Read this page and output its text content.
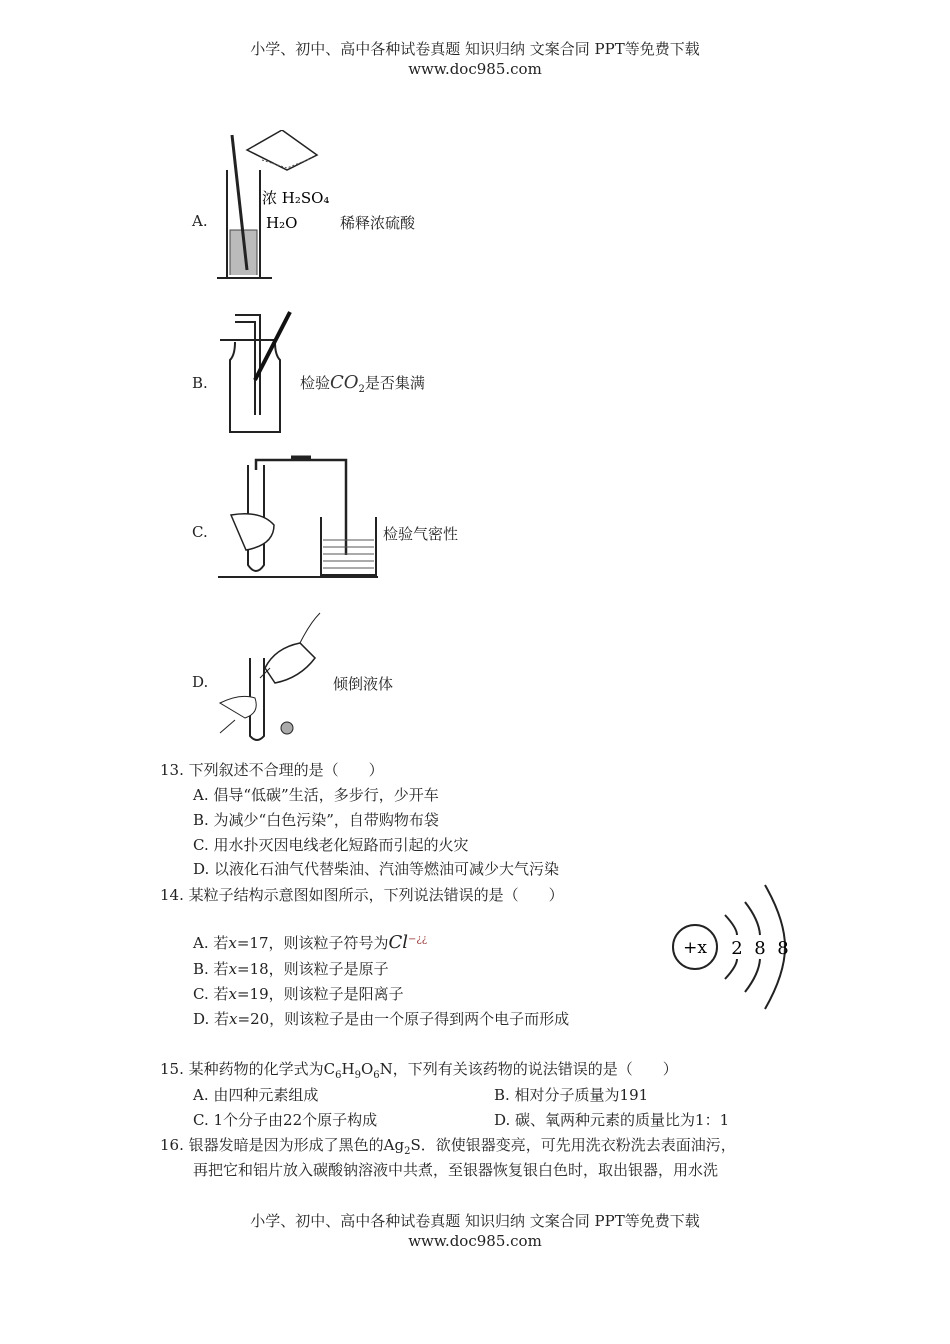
小学、初中、高中各种试卷真题 知识归纳 文案合同 PPT等免费下载
www.doc985.com
A.
浓 H₂SO₄
H₂O	稀释浓硫酸
B.	检验$CO_2$是否集满
C.	检验气密性
D.	倾倒液体
13. 下列叙述不合理的是（　　）
A. 倡导“低碳”生活，多步行，少开车
B. 为减少“白色污染”，自带购物布袋
C. 用水扑灭因电线老化短路而引起的火灾
D. 以液化石油气代替柴油、汽油等燃油可减少大气污染
14. 某粒子结构示意图如图所示，下列说法错误的是（　　）
A. 若x=17，则该粒子符号为Cl−¿¿
B. 若x=18，则该粒子是原子
C. 若x=19，则该粒子是阳离子
D. 若x=20，则该粒子是由一个原子得到两个电子而形成
+x 2 8 8
15. 某种药物的化学式为$C_6H_9O_6N$，下列有关该药物的说法错误的是（　　）
A. 由四种元素组成	B. 相对分子质量为191
C. 1个分子由22个原子构成	D. 碳、氧两种元素的质量比为1：1
16. 银器发暗是因为形成了黑色的$Ag_2S$．欲使银器变亮，可先用洗衣粉洗去表面油污，
再把它和铝片放入碳酸钠溶液中共煮，至银器恢复银白色时，取出银器，用水洗
小学、初中、高中各种试卷真题 知识归纳 文案合同 PPT等免费下载
www.doc985.com
